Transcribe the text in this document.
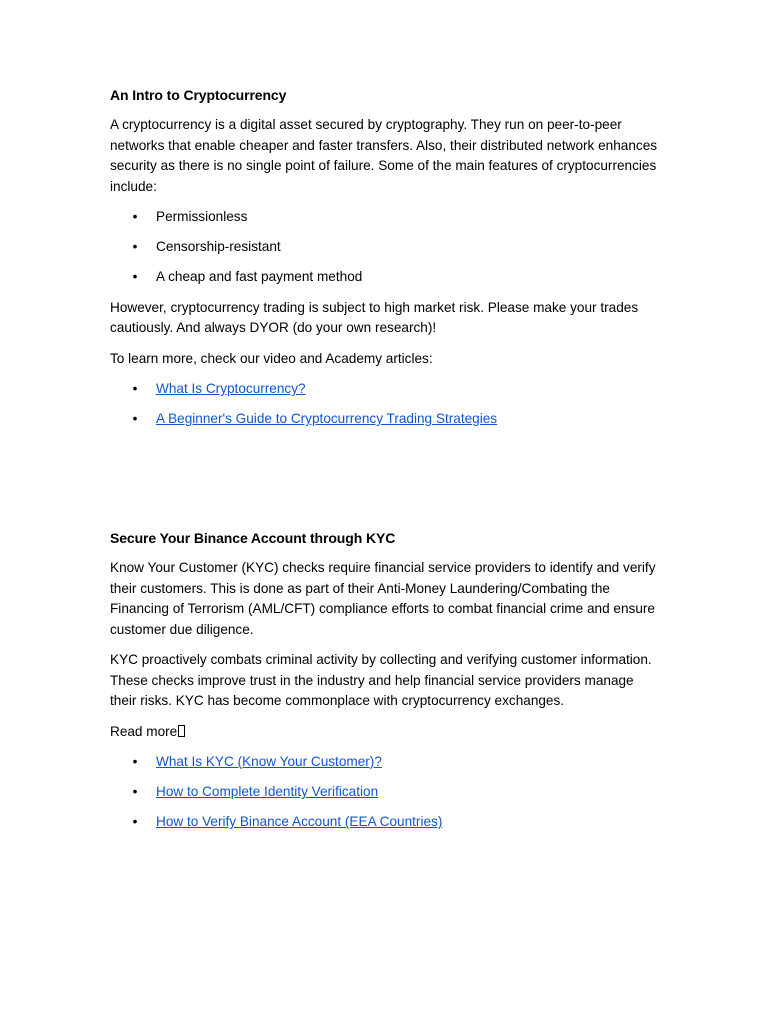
An Intro to Cryptocurrency

A cryptocurrency is a digital asset secured by cryptography. They run on peer-to-peer networks that enable cheaper and faster transfers. Also, their distributed network enhances security as there is no single point of failure. Some of the main features of cryptocurrencies include:

• Permissionless
• Censorship-resistant
• A cheap and fast payment method

However, cryptocurrency trading is subject to high market risk. Please make your trades cautiously. And always DYOR (do your own research)!

To learn more, check our video and Academy articles:

• What Is Cryptocurrency?
• A Beginner's Guide to Cryptocurrency Trading Strategies
Secure Your Binance Account through KYC

Know Your Customer (KYC) checks require financial service providers to identify and verify their customers. This is done as part of their Anti-Money Laundering/Combating the Financing of Terrorism (AML/CFT) compliance efforts to combat financial crime and ensure customer due diligence.

KYC proactively combats criminal activity by collecting and verifying customer information. These checks improve trust in the industry and help financial service providers manage their risks. KYC has become commonplace with cryptocurrency exchanges.

Read more

• What Is KYC (Know Your Customer)?
• How to Complete Identity Verification
• How to Verify Binance Account (EEA Countries)
